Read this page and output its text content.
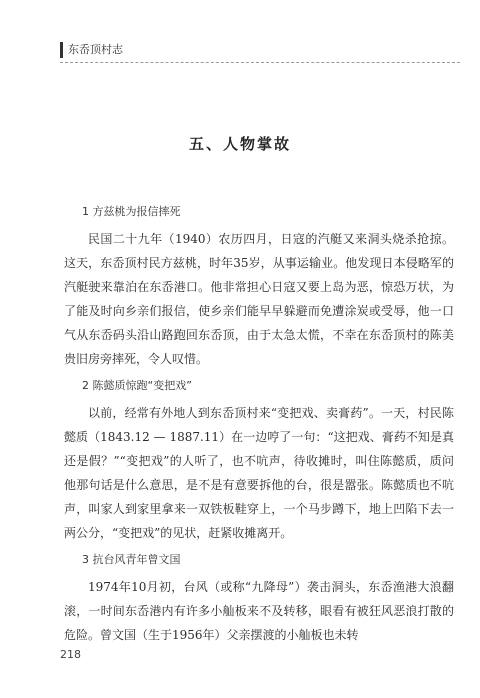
东岙顶村志
五、人物掌故
1 方兹桃为报信摔死

民国二十九年（1940）农历四月，日寇的汽艇又来洞头烧杀抢掠。这天，东岙顶村民方兹桃，时年35岁，从事运输业。他发现日本侵略军的汽艇驶来靠泊在东岙港口。他非常担心日寇又要上岛为恶，惊恐万状，为了能及时向乡亲们报信，使乡亲们能早早躲避而免遭涂炭或受辱，他一口气从东岙码头沿山路跑回东岙顶，由于太急太慌，不幸在东岙顶村的陈美贵旧房旁摔死，令人叹惜。

2 陈懿质惊跑“变把戏”

以前，经常有外地人到东岙顶村来“变把戏、卖膏药”。一天，村民陈懿质（1843.12 — 1887.11）在一边哼了一句：“这把戏、膏药不知是真还是假？”“变把戏”的人听了，也不吭声，待收摊时，叫住陈懿质，质问他那句话是什么意思，是不是有意要拆他的台，很是嚣张。陈懿质也不吭声，叫家人到家里拿来一双铁板鞋穿上，一个马步蹲下，地上凹陷下去一两公分，“变把戏”的见状，赶紧收摊离开。

3 抗台风青年曾文国

1974年10月初，台风（或称“九降母”）袭击洞头，东岙渔港大浪翻滚，一时间东岙港内有许多小舢板来不及转移，眼看有被狂风恶浪打散的危险。曾文国（生于1956年）父亲摆渡的小舢板也未转

218
